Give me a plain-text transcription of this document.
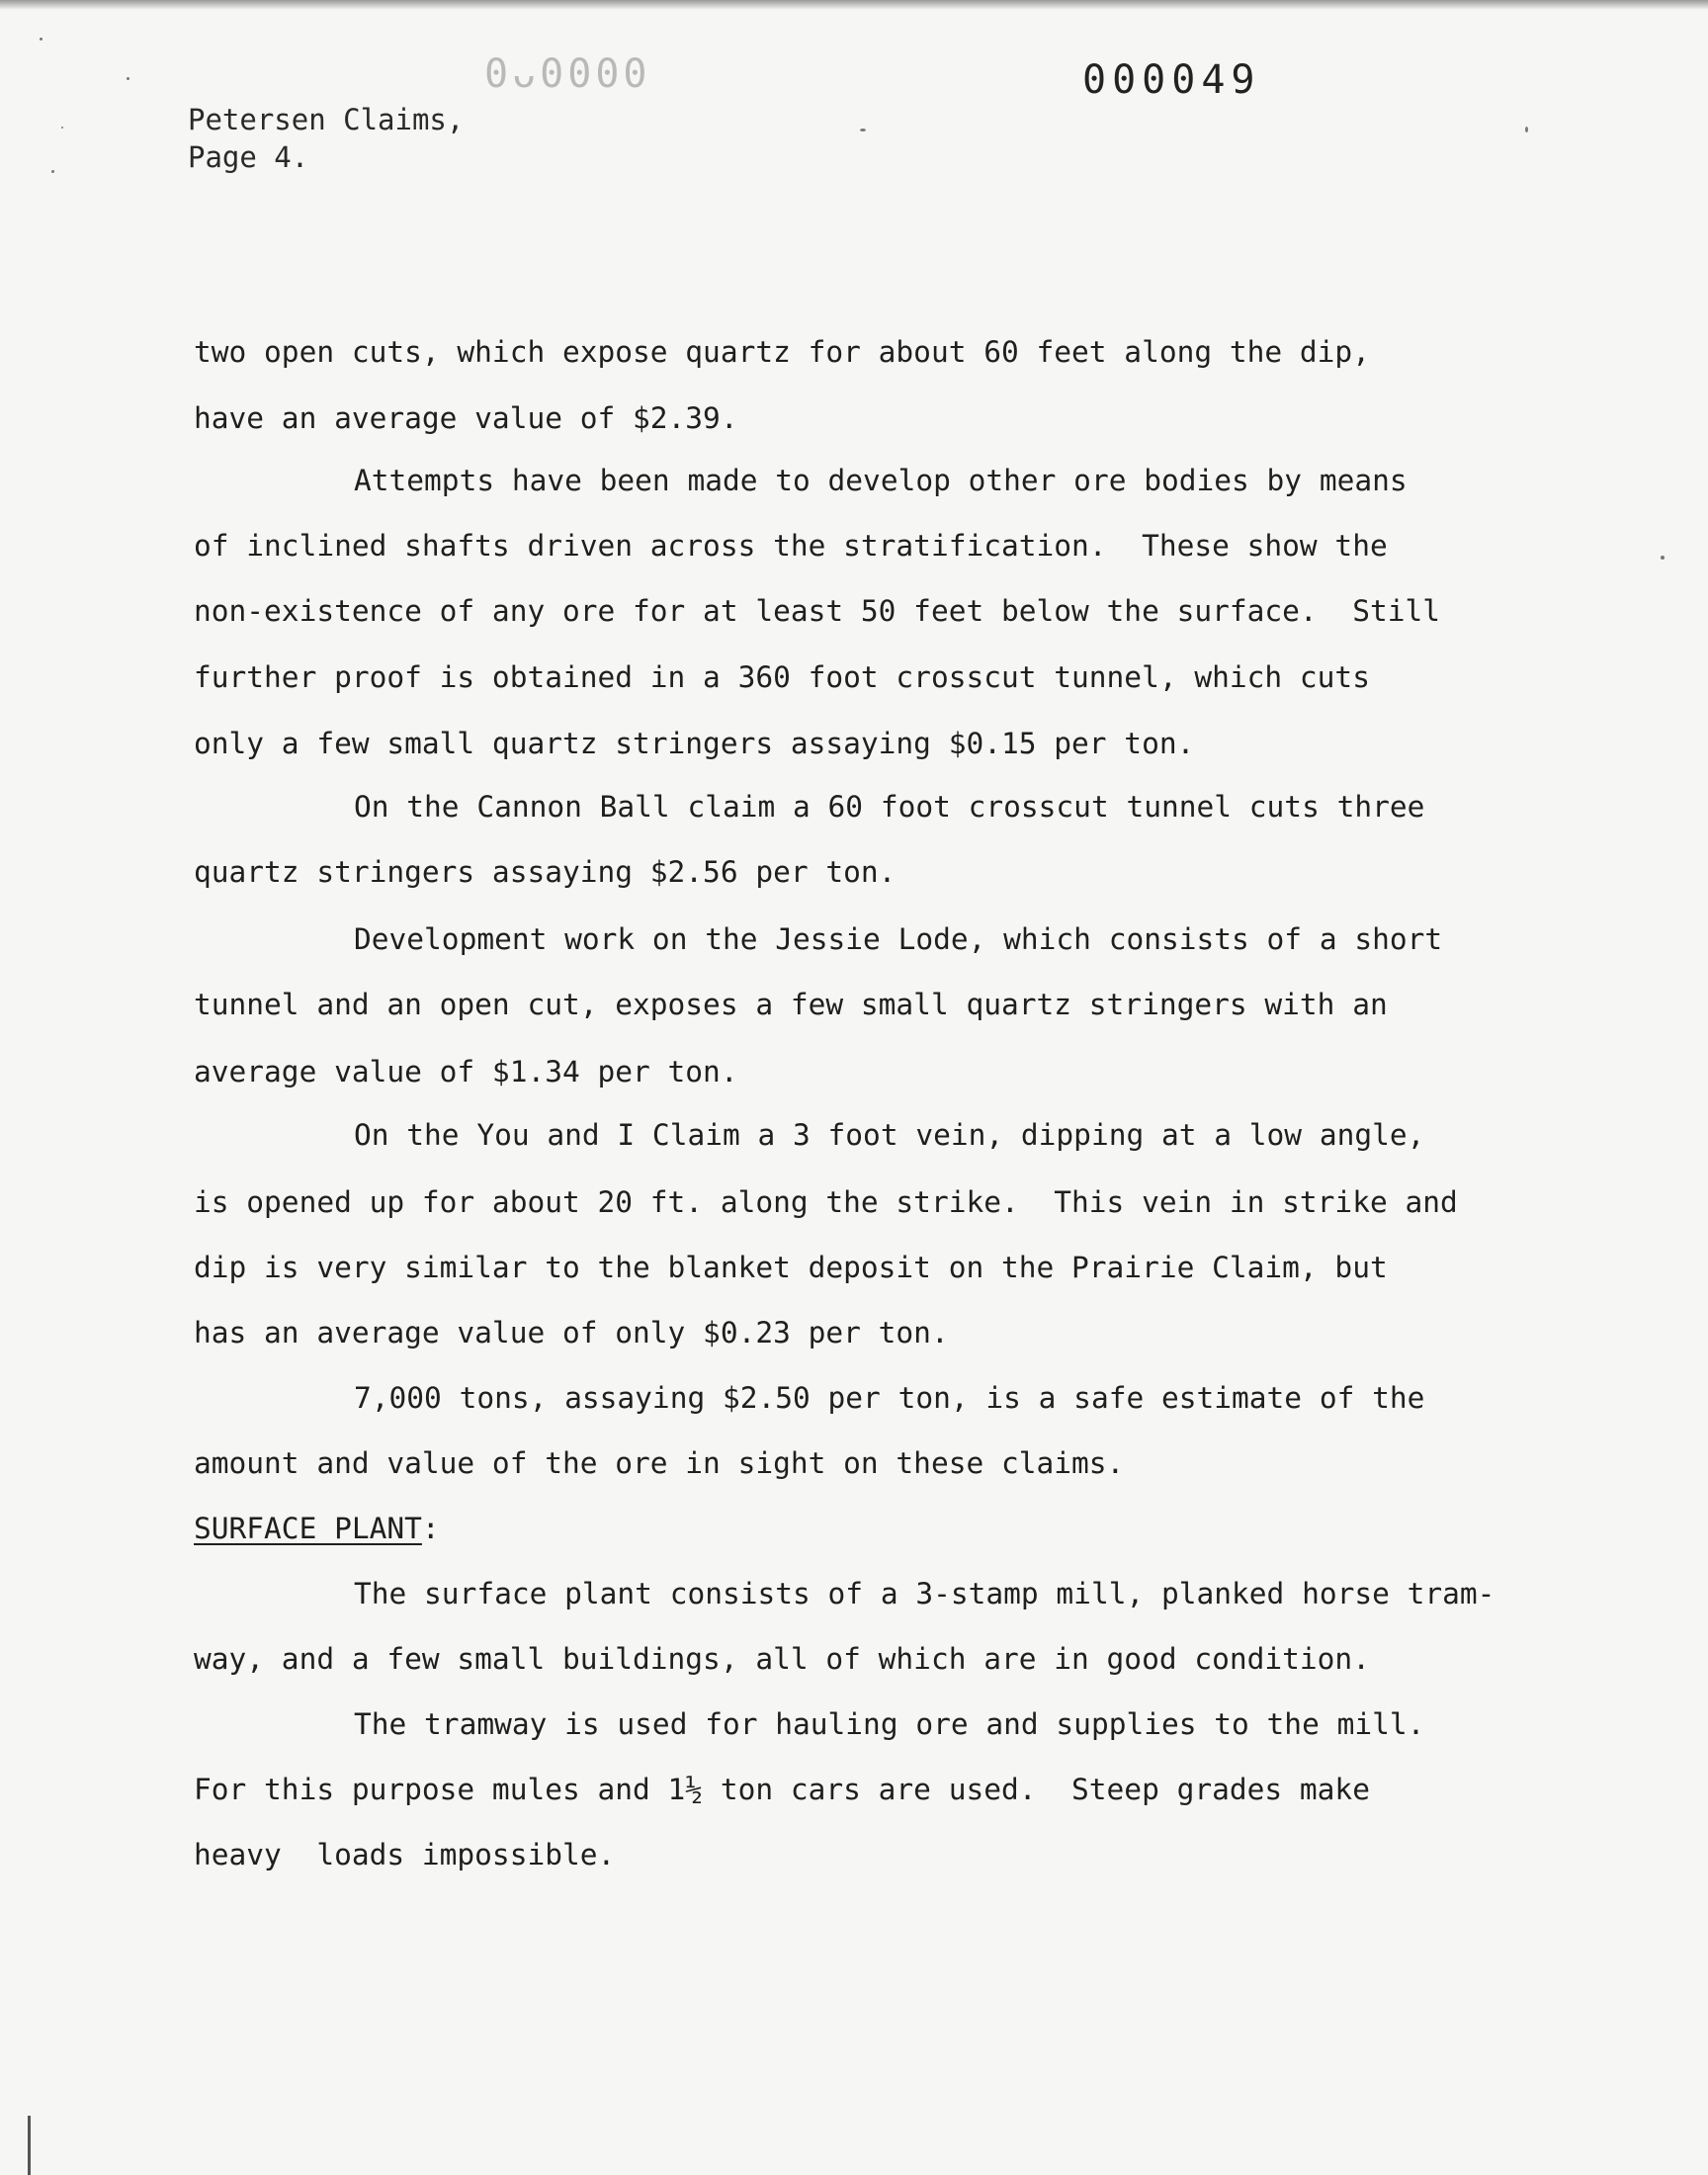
0ᴗ0000	000049
Petersen Claims,
Page 4.
two open cuts, which expose quartz for about 60 feet along the dip,
have an average value of $2.39.
Attempts have been made to develop other ore bodies by means
of inclined shafts driven across the stratification.  These show the
non-existence of any ore for at least 50 feet below the surface.  Still
further proof is obtained in a 360 foot crosscut tunnel, which cuts
only a few small quartz stringers assaying $0.15 per ton.
On the Cannon Ball claim a 60 foot crosscut tunnel cuts three
quartz stringers assaying $2.56 per ton.
Development work on the Jessie Lode, which consists of a short
tunnel and an open cut, exposes a few small quartz stringers with an
average value of $1.34 per ton.
On the You and I Claim a 3 foot vein, dipping at a low angle,
is opened up for about 20 ft. along the strike.  This vein in strike and
dip is very similar to the blanket deposit on the Prairie Claim, but
has an average value of only $0.23 per ton.
7,000 tons, assaying $2.50 per ton, is a safe estimate of the
amount and value of the ore in sight on these claims.
SURFACE PLANT:
The surface plant consists of a 3-stamp mill, planked horse tram-
way, and a few small buildings, all of which are in good condition.
The tramway is used for hauling ore and supplies to the mill.
For this purpose mules and 1½ ton cars are used.  Steep grades make
heavy  loads impossible.
